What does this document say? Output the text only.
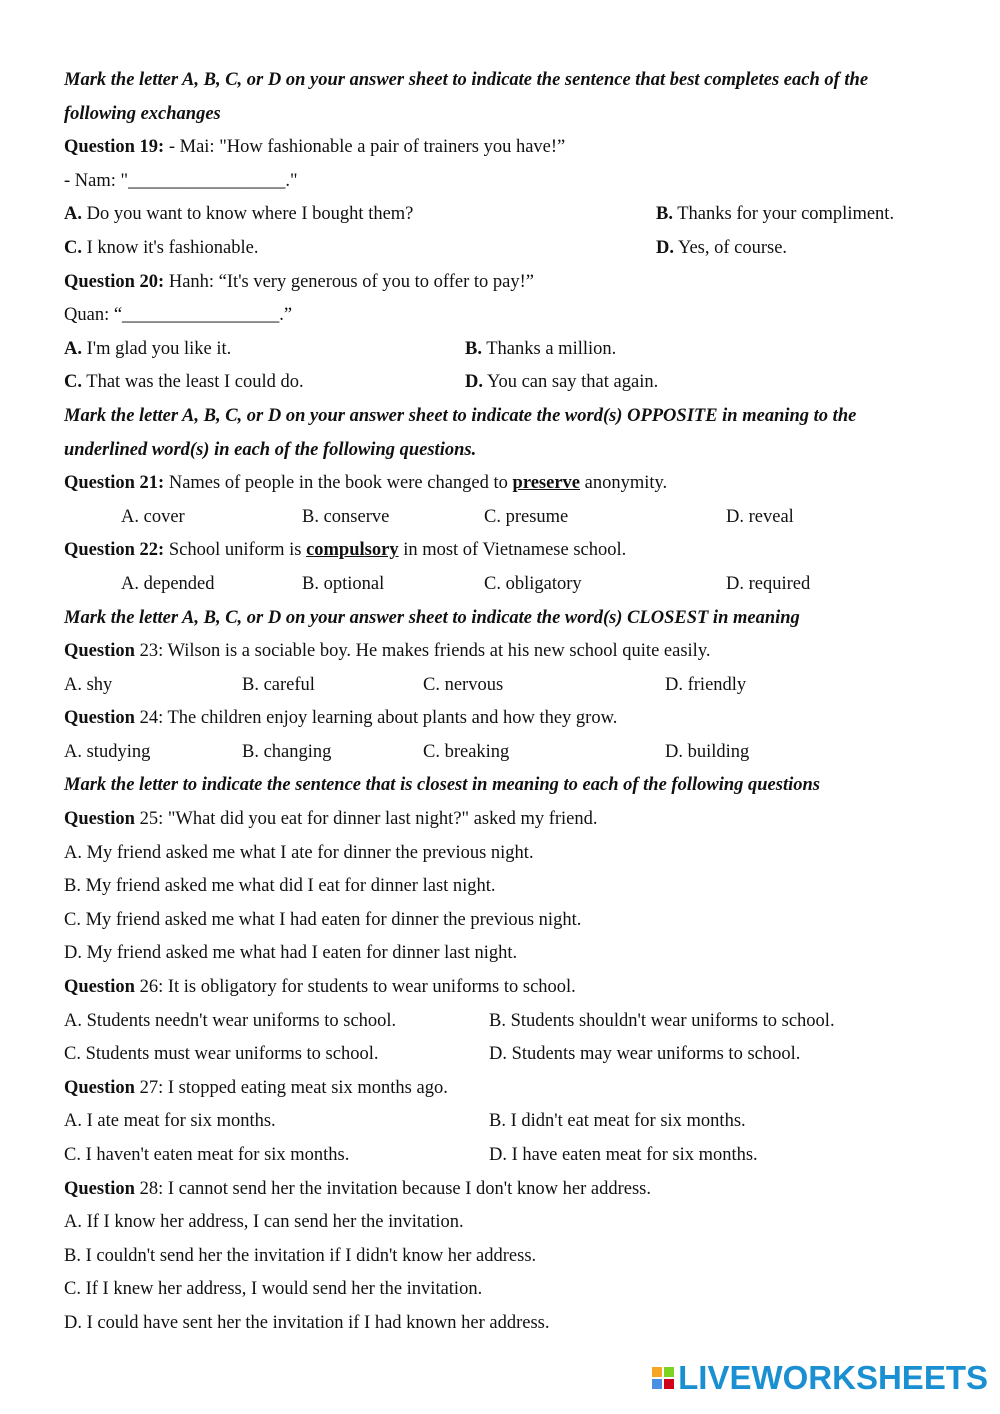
Mark the letter A, B, C, or D on your answer sheet to indicate the sentence that best completes each of the
following exchanges
Question 19: - Mai: "How fashionable a pair of trainers you have!”
- Nam: "_________________."
A. Do you want to know where I bought them?	B. Thanks for your compliment.
C. I know it's fashionable.	D. Yes, of course.
Question 20: Hanh: “It's very generous of you to offer to pay!”
Quan: “_________________.”
A. I'm glad you like it.	B. Thanks a million.
C. That was the least I could do.	D. You can say that again.
Mark the letter A, B, C, or D on your answer sheet to indicate the word(s) OPPOSITE in meaning to the
underlined word(s) in each of the following questions.
Question 21: Names of people in the book were changed to preserve anonymity.
A. cover	B. conserve	C. presume	D. reveal
Question 22: School uniform is compulsory in most of Vietnamese school.
A. depended	B. optional	C. obligatory	D. required
Mark the letter A, B, C, or D on your answer sheet to indicate the word(s) CLOSEST in meaning
Question 23: Wilson is a sociable boy. He makes friends at his new school quite easily.
A. shy	B. careful	C. nervous	D. friendly
Question 24: The children enjoy learning about plants and how they grow.
A. studying	B. changing	C. breaking	D. building
Mark the letter to indicate the sentence that is closest in meaning to each of the following questions
Question 25: "What did you eat for dinner last night?" asked my friend.
A. My friend asked me what I ate for dinner the previous night.
B. My friend asked me what did I eat for dinner last night.
C. My friend asked me what I had eaten for dinner the previous night.
D. My friend asked me what had I eaten for dinner last night.
Question 26: It is obligatory for students to wear uniforms to school.
A. Students needn't wear uniforms to school.	B. Students shouldn't wear uniforms to school.
C. Students must wear uniforms to school.	D. Students may wear uniforms to school.
Question 27: I stopped eating meat six months ago.
A. I ate meat for six months.	B. I didn't eat meat for six months.
C. I haven't eaten meat for six months.	D. I have eaten meat for six months.
Question 28: I cannot send her the invitation because I don't know her address.
A. If I know her address, I can send her the invitation.
B. I couldn't send her the invitation if I didn't know her address.
C. If I knew her address, I would send her the invitation.
D. I could have sent her the invitation if I had known her address.
LIVEWORKSHEETS
